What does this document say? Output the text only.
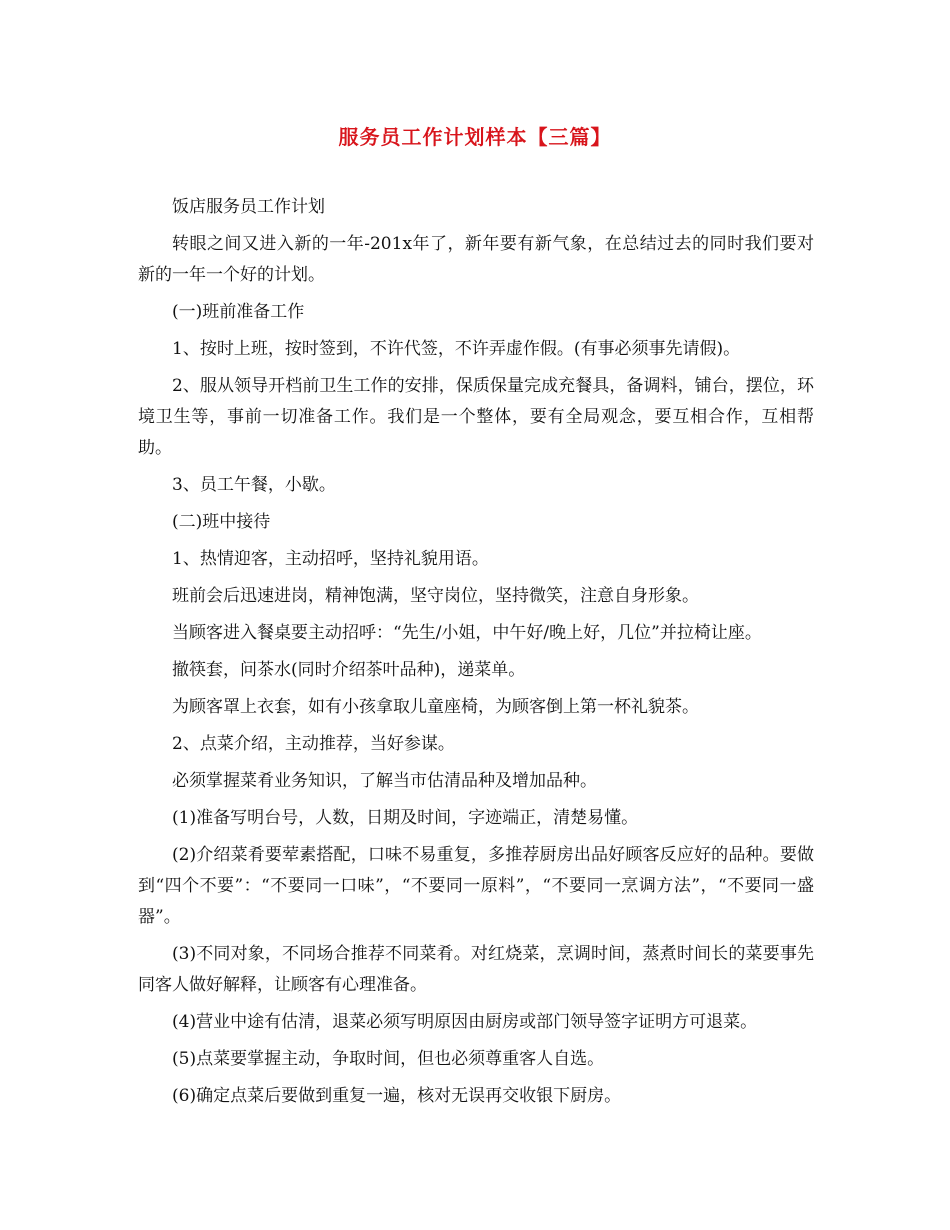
服务员工作计划样本【三篇】

饭店服务员工作计划

转眼之间又进入新的一年-201x年了，新年要有新气象，在总结过去的同时我们要对新的一年一个好的计划。

(一)班前准备工作

1、按时上班，按时签到，不许代签，不许弄虚作假。(有事必须事先请假)。

2、服从领导开档前卫生工作的安排，保质保量完成充餐具，备调料，铺台，摆位，环境卫生等，事前一切准备工作。我们是一个整体，要有全局观念，要互相合作，互相帮助。

3、员工午餐，小歇。

(二)班中接待

1、热情迎客，主动招呼，坚持礼貌用语。

班前会后迅速进岗，精神饱满，坚守岗位，坚持微笑，注意自身形象。

当顾客进入餐桌要主动招呼：“先生/小姐，中午好/晚上好，几位”并拉椅让座。

撤筷套，问茶水(同时介绍茶叶品种)，递菜单。

为顾客罩上衣套，如有小孩拿取儿童座椅，为顾客倒上第一杯礼貌茶。

2、点菜介绍，主动推荐，当好参谋。

必须掌握菜肴业务知识，了解当市估清品种及增加品种。

(1)准备写明台号，人数，日期及时间，字迹端正，清楚易懂。

(2)介绍菜肴要荤素搭配，口味不易重复，多推荐厨房出品好顾客反应好的品种。要做到“四个不要”：“不要同一口味”，“不要同一原料”，“不要同一烹调方法”，“不要同一盛器”。

(3)不同对象，不同场合推荐不同菜肴。对红烧菜，烹调时间，蒸煮时间长的菜要事先同客人做好解释，让顾客有心理准备。

(4)营业中途有估清，退菜必须写明原因由厨房或部门领导签字证明方可退菜。

(5)点菜要掌握主动，争取时间，但也必须尊重客人自选。

(6)确定点菜后要做到重复一遍，核对无误再交收银下厨房。
